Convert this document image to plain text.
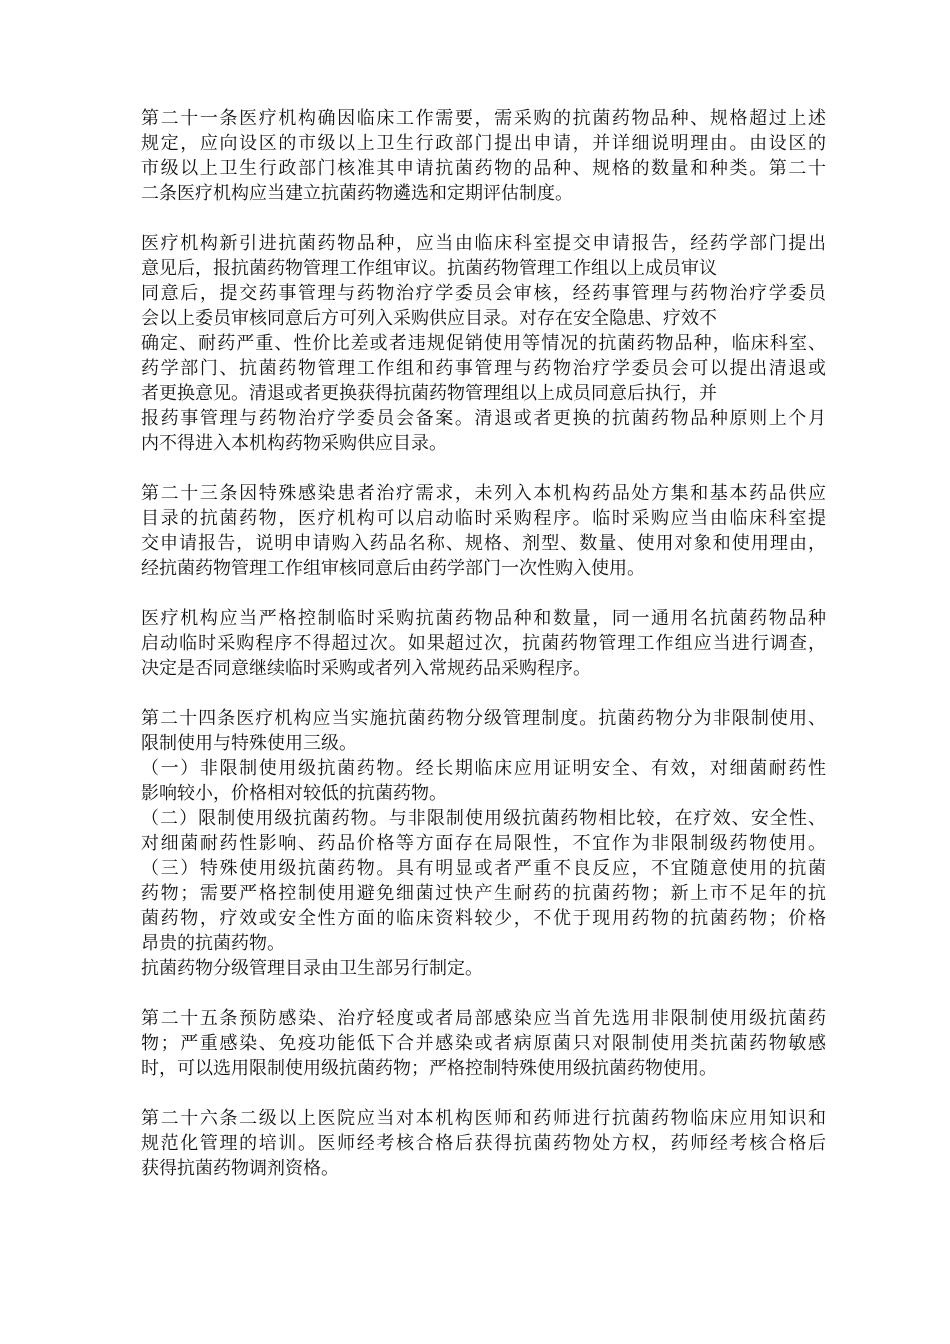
第二十一条医疗机构确因临床工作需要，需采购的抗菌药物品种、规格超过上述
规定，应向设区的市级以上卫生行政部门提出申请，并详细说明理由。由设区的
市级以上卫生行政部门核准其申请抗菌药物的品种、规格的数量和种类。第二十
二条医疗机构应当建立抗菌药物遴选和定期评估制度。
医疗机构新引进抗菌药物品种，应当由临床科室提交申请报告，经药学部门提出
意见后，报抗菌药物管理工作组审议。抗菌药物管理工作组以上成员审议
同意后，提交药事管理与药物治疗学委员会审核，经药事管理与药物治疗学委员
会以上委员审核同意后方可列入采购供应目录。对存在安全隐患、疗效不
确定、耐药严重、性价比差或者违规促销使用等情况的抗菌药物品种，临床科室、
药学部门、抗菌药物管理工作组和药事管理与药物治疗学委员会可以提出清退或
者更换意见。清退或者更换获得抗菌药物管理组以上成员同意后执行，并
报药事管理与药物治疗学委员会备案。清退或者更换的抗菌药物品种原则上个月
内不得进入本机构药物采购供应目录。
第二十三条因特殊感染患者治疗需求，未列入本机构药品处方集和基本药品供应
目录的抗菌药物，医疗机构可以启动临时采购程序。临时采购应当由临床科室提
交申请报告，说明申请购入药品名称、规格、剂型、数量、使用对象和使用理由，
经抗菌药物管理工作组审核同意后由药学部门一次性购入使用。
医疗机构应当严格控制临时采购抗菌药物品种和数量，同一通用名抗菌药物品种
启动临时采购程序不得超过次。如果超过次，抗菌药物管理工作组应当进行调查，
决定是否同意继续临时采购或者列入常规药品采购程序。
第二十四条医疗机构应当实施抗菌药物分级管理制度。抗菌药物分为非限制使用、
限制使用与特殊使用三级。
（一）非限制使用级抗菌药物。经长期临床应用证明安全、有效，对细菌耐药性
影响较小，价格相对较低的抗菌药物。
（二）限制使用级抗菌药物。与非限制使用级抗菌药物相比较，在疗效、安全性、
对细菌耐药性影响、药品价格等方面存在局限性，不宜作为非限制级药物使用。
（三）特殊使用级抗菌药物。具有明显或者严重不良反应，不宜随意使用的抗菌
药物；需要严格控制使用避免细菌过快产生耐药的抗菌药物；新上市不足年的抗
菌药物，疗效或安全性方面的临床资料较少，不优于现用药物的抗菌药物；价格
昂贵的抗菌药物。
抗菌药物分级管理目录由卫生部另行制定。
第二十五条预防感染、治疗轻度或者局部感染应当首先选用非限制使用级抗菌药
物；严重感染、免疫功能低下合并感染或者病原菌只对限制使用类抗菌药物敏感
时，可以选用限制使用级抗菌药物；严格控制特殊使用级抗菌药物使用。
第二十六条二级以上医院应当对本机构医师和药师进行抗菌药物临床应用知识和
规范化管理的培训。医师经考核合格后获得抗菌药物处方权，药师经考核合格后
获得抗菌药物调剂资格。
